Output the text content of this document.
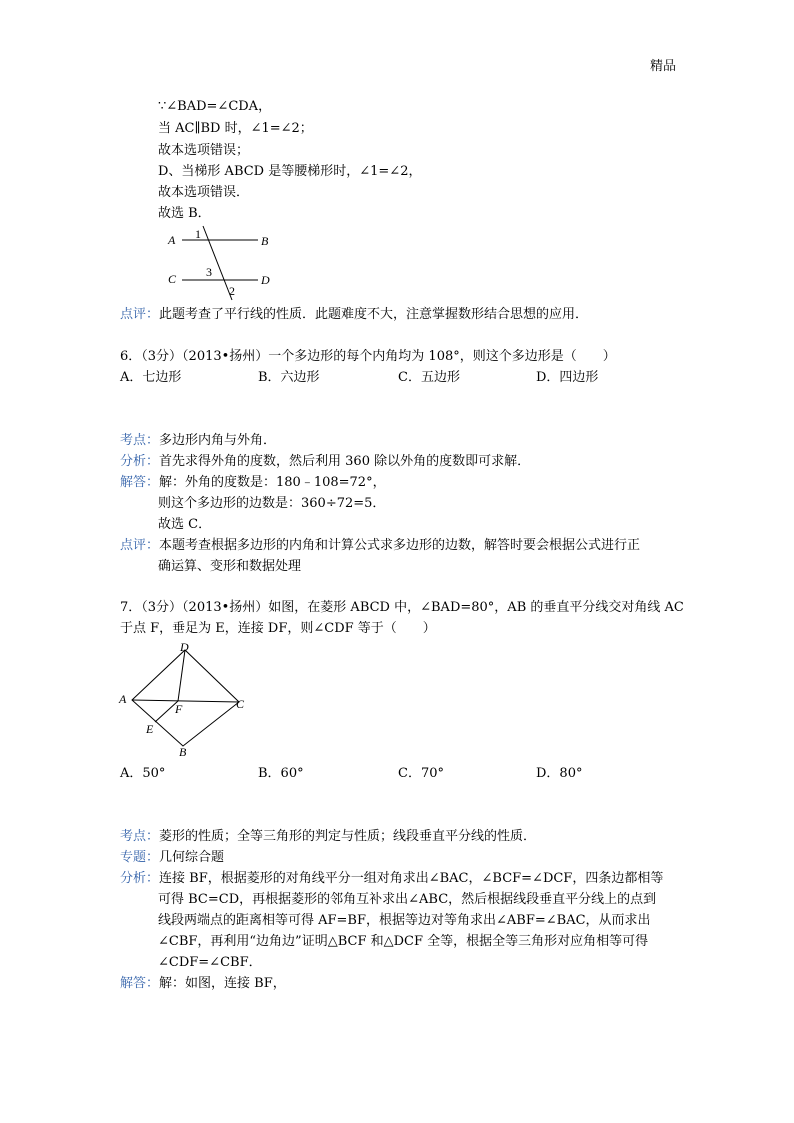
精品
∵∠BAD=∠CDA，
当 AC∥BD 时，∠1=∠2；
故本选项错误；
D、当梯形 ABCD 是等腰梯形时，∠1=∠2，
故本选项错误．
故选 B．
A	B
C	D
1
3
2
点评：此题考查了平行线的性质．此题难度不大，注意掌握数形结合思想的应用．
6．（3分）（2013•扬州）一个多边形的每个内角均为 108°，则这个多边形是（　　）
A．七边形	B．六边形	C．五边形	D．四边形
考点：多边形内角与外角．
分析：首先求得外角的度数，然后利用 360 除以外角的度数即可求解．
解答：解：外角的度数是：180﹣108=72°，
则这个多边形的边数是：360÷72=5．
故选 C．
点评：本题考查根据多边形的内角和计算公式求多边形的边数，解答时要会根据公式进行正
确运算、变形和数据处理
7．（3分）（2013•扬州）如图，在菱形 ABCD 中，∠BAD=80°，AB 的垂直平分线交对角线 AC
于点 F，垂足为 E，连接 DF，则∠CDF 等于（　　）
A
D
C
B
E
F
A．50°	B．60°	C．70°	D．80°
考点：菱形的性质；全等三角形的判定与性质；线段垂直平分线的性质．
专题：几何综合题
分析：连接 BF，根据菱形的对角线平分一组对角求出∠BAC，∠BCF=∠DCF，四条边都相等
可得 BC=CD，再根据菱形的邻角互补求出∠ABC，然后根据线段垂直平分线上的点到
线段两端点的距离相等可得 AF=BF，根据等边对等角求出∠ABF=∠BAC，从而求出
∠CBF，再利用“边角边”证明△BCF 和△DCF 全等，根据全等三角形对应角相等可得
∠CDF=∠CBF．
解答：解：如图，连接 BF，
